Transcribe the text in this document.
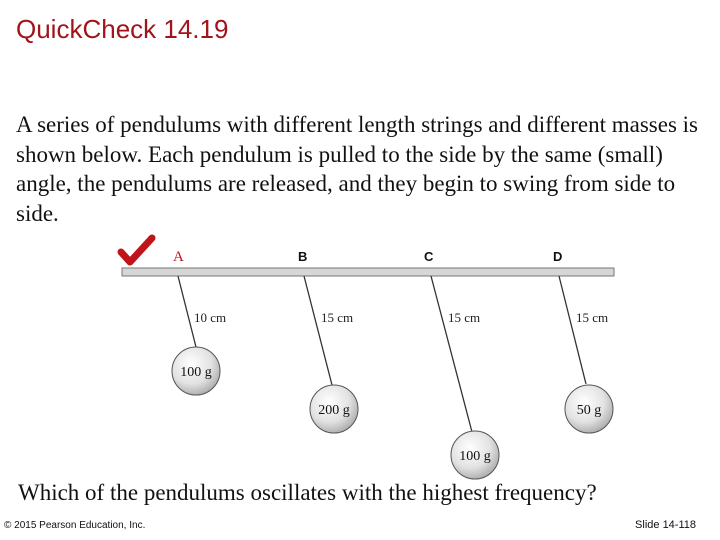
QuickCheck 14.19
A series of pendulums with different length strings and different masses is shown below. Each pendulum is pulled to the side by the same (small) angle, the pendulums are released, and they begin to swing from side to side.
A	B	C	D
10 cm	15 cm	15 cm	15 cm
100 g
200 g
100 g
50 g
Which of the pendulums oscillates with the highest frequency?
© 2015 Pearson Education, Inc.	Slide 14-118
